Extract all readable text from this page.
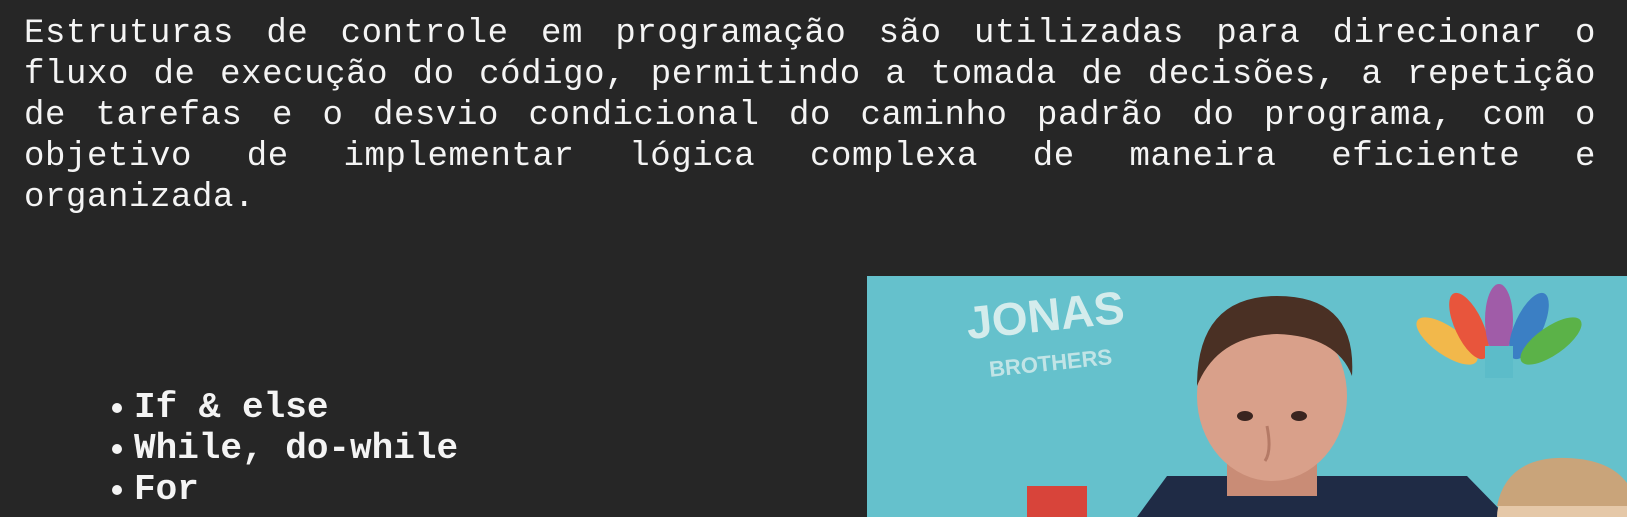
Estruturas de controle em programação são utilizadas para direcionar o fluxo de execução do código, permitindo a tomada de decisões, a repetição de tarefas e o desvio condicional do caminho padrão do programa, com o objetivo de implementar lógica complexa de maneira eficiente e organizada.

If & else
While, do-while
For
JONAS
BROTHERS
